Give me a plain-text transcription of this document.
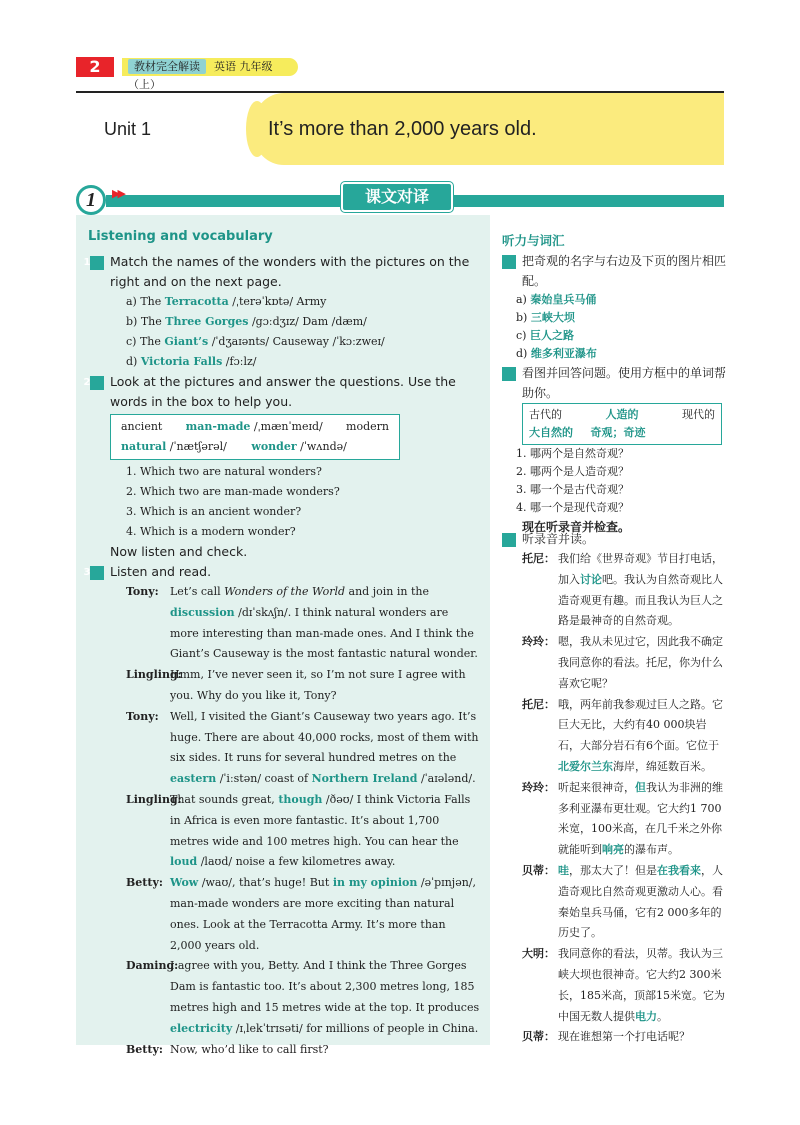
2	教材完全解读 英语 九年级（上）
Unit 1	It’s more than 2,000 years old.
1	▶▶	课文对译
Listening and vocabulary
1 Match the names of the wonders with the pictures on the right and on the next page.
a) The Terracotta /ˌterəˈkɒtə/ Army
b) The Three Gorges /gɔːdʒɪz/ Dam /dæm/
c) The Giant’s /ˈdʒaɪənts/ Causeway /ˈkɔːzweɪ/
d) Victoria Falls /fɔːlz/
2 Look at the pictures and answer the questions. Use the words in the box to help you.
ancient man-made /ˌmænˈmeɪd/ modern
natural /ˈnætʃərəl/ wonder /ˈwʌndə/
1. Which two are natural wonders?
2. Which two are man-made wonders?
3. Which is an ancient wonder?
4. Which is a modern wonder?
Now listen and check.
3 Listen and read.
Tony: Let’s call Wonders of the World and join in the discussion /dɪˈskʌʃn/. I think natural wonders are more interesting than man-made ones. And I think the Giant’s Causeway is the most fantastic natural wonder.
Lingling:
Hmm, I’ve never seen it, so I’m not sure I agree with you. Why do you like it, Tony?
Tony: Well, I visited the Giant’s Causeway two years ago. It’s huge. There are about 40,000 rocks, most of them with six sides. It runs for several hundred metres on the eastern /ˈiːstən/ coast of Northern Ireland /ˈaɪələnd/.
Lingling:
That sounds great, though /ðəʊ/ I think Victoria Falls in Africa is even more fantastic. It’s about 1,700 metres wide and 100 metres high. You can hear the loud /laʊd/ noise a few kilometres away.
Betty: Wow /waʊ/, that’s huge! But in my opinion /əˈpɪnjən/, man-made wonders are more exciting than natural ones. Look at the Terracotta Army. It’s more than 2,000 years old.
Daming:
I agree with you, Betty. And I think the Three Gorges Dam is fantastic too. It’s about 2,300 metres long, 185 metres high and 15 metres wide at the top. It produces electricity /ɪˌlekˈtrɪsəti/ for millions of people in China.
Betty: Now, who’d like to call first?
听力与词汇
1 把奇观的名字与右边及下页的图片相匹配。
a) 秦始皇兵马俑
b) 三峡大坝
c) 巨人之路
d) 维多利亚瀑布
2 看图并回答问题。使用方框中的单词帮助你。
古代的	人造的	现代的
大自然的 奇观；奇迹
1. 哪两个是自然奇观？
2. 哪两个是人造奇观？
3. 哪一个是古代奇观？
4. 哪一个是现代奇观？
现在听录音并检查。
3 听录音并读。
托尼： 我们给《世界奇观》节目打电话，加入讨论吧。我认为自然奇观比人造奇观更有趣。而且我认为巨人之路是最神奇的自然奇观。
玲玲： 嗯，我从未见过它，因此我不确定我同意你的看法。托尼，你为什么喜欢它呢？
托尼： 哦，两年前我参观过巨人之路。它巨大无比，大约有40 000块岩石，大部分岩石有6个面。它位于北爱尔兰东海岸，绵延数百米。
玲玲： 听起来很神奇，但我认为非洲的维多利亚瀑布更壮观。它大约1 700米宽，100米高，在几千米之外你就能听到响亮的瀑布声。
贝蒂： 哇，那太大了！但是在我看来，人造奇观比自然奇观更激动人心。看秦始皇兵马俑，它有2 000多年的历史了。
大明： 我同意你的看法，贝蒂。我认为三峡大坝也很神奇。它大约2 300米长，185米高，顶部15米宽。它为中国无数人提供电力。
贝蒂： 现在谁想第一个打电话呢？
